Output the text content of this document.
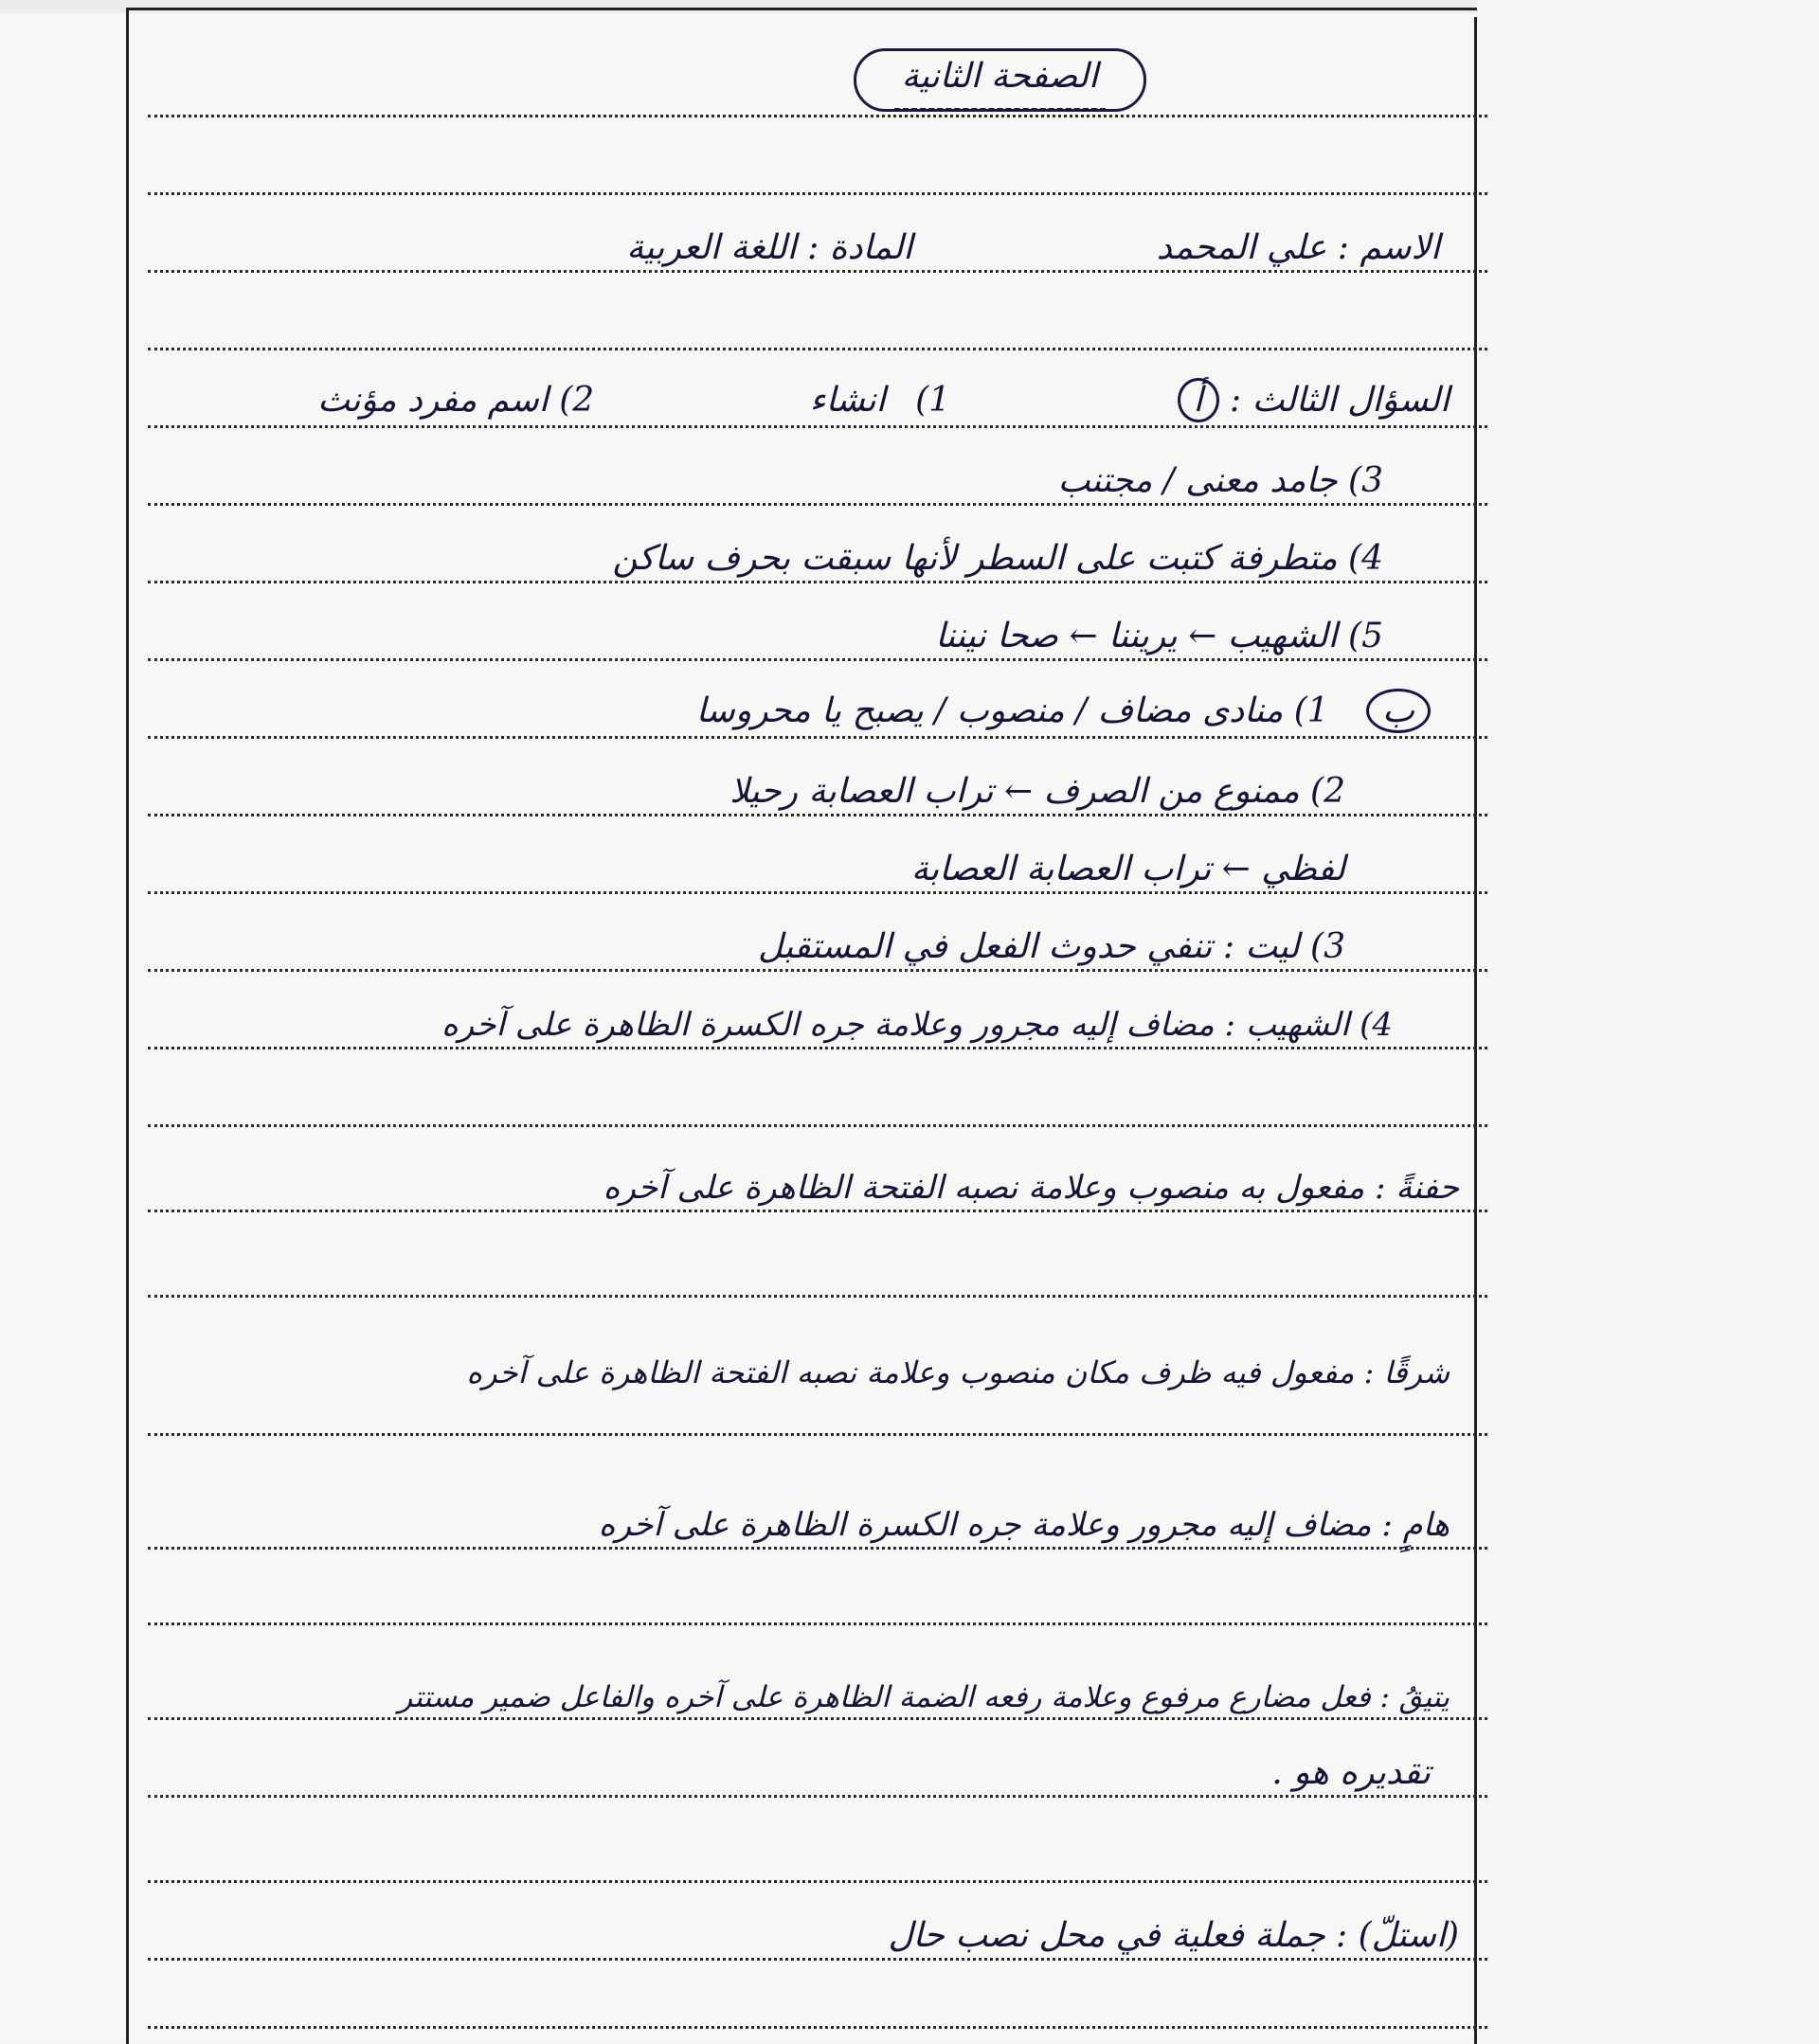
الصفحة الثانية
الاسم : علي المحمد المادة : اللغة العربية
السؤال الثالث : أ 1) انشاء 2) اسم مفرد مؤنث
3) جامد معنى / مجتنب
4) متطرفة كتبت على السطر لأنها سبقت بحرف ساكن
5) الشهيب ← يريننا ← صحا نيننا
ب 1) منادى مضاف / منصوب / يصبح يا محروسا
2) ممنوع من الصرف ← تراب العصابة رحيلا
لفظي ← تراب العصابة العصابة
3) ليت : تنفي حدوث الفعل في المستقبل
4) الشهيب : مضاف إليه مجرور وعلامة جره الكسرة الظاهرة على آخره
حفنةً : مفعول به منصوب وعلامة نصبه الفتحة الظاهرة على آخره
شرقًا : مفعول فيه ظرف مكان منصوب وعلامة نصبه الفتحة الظاهرة على آخره
هامٍ : مضاف إليه مجرور وعلامة جره الكسرة الظاهرة على آخره
يتيقُ : فعل مضارع مرفوع وعلامة رفعه الضمة الظاهرة على آخره والفاعل ضمير مستتر
تقديره هو .
(استلّ) : جملة فعلية في محل نصب حال
